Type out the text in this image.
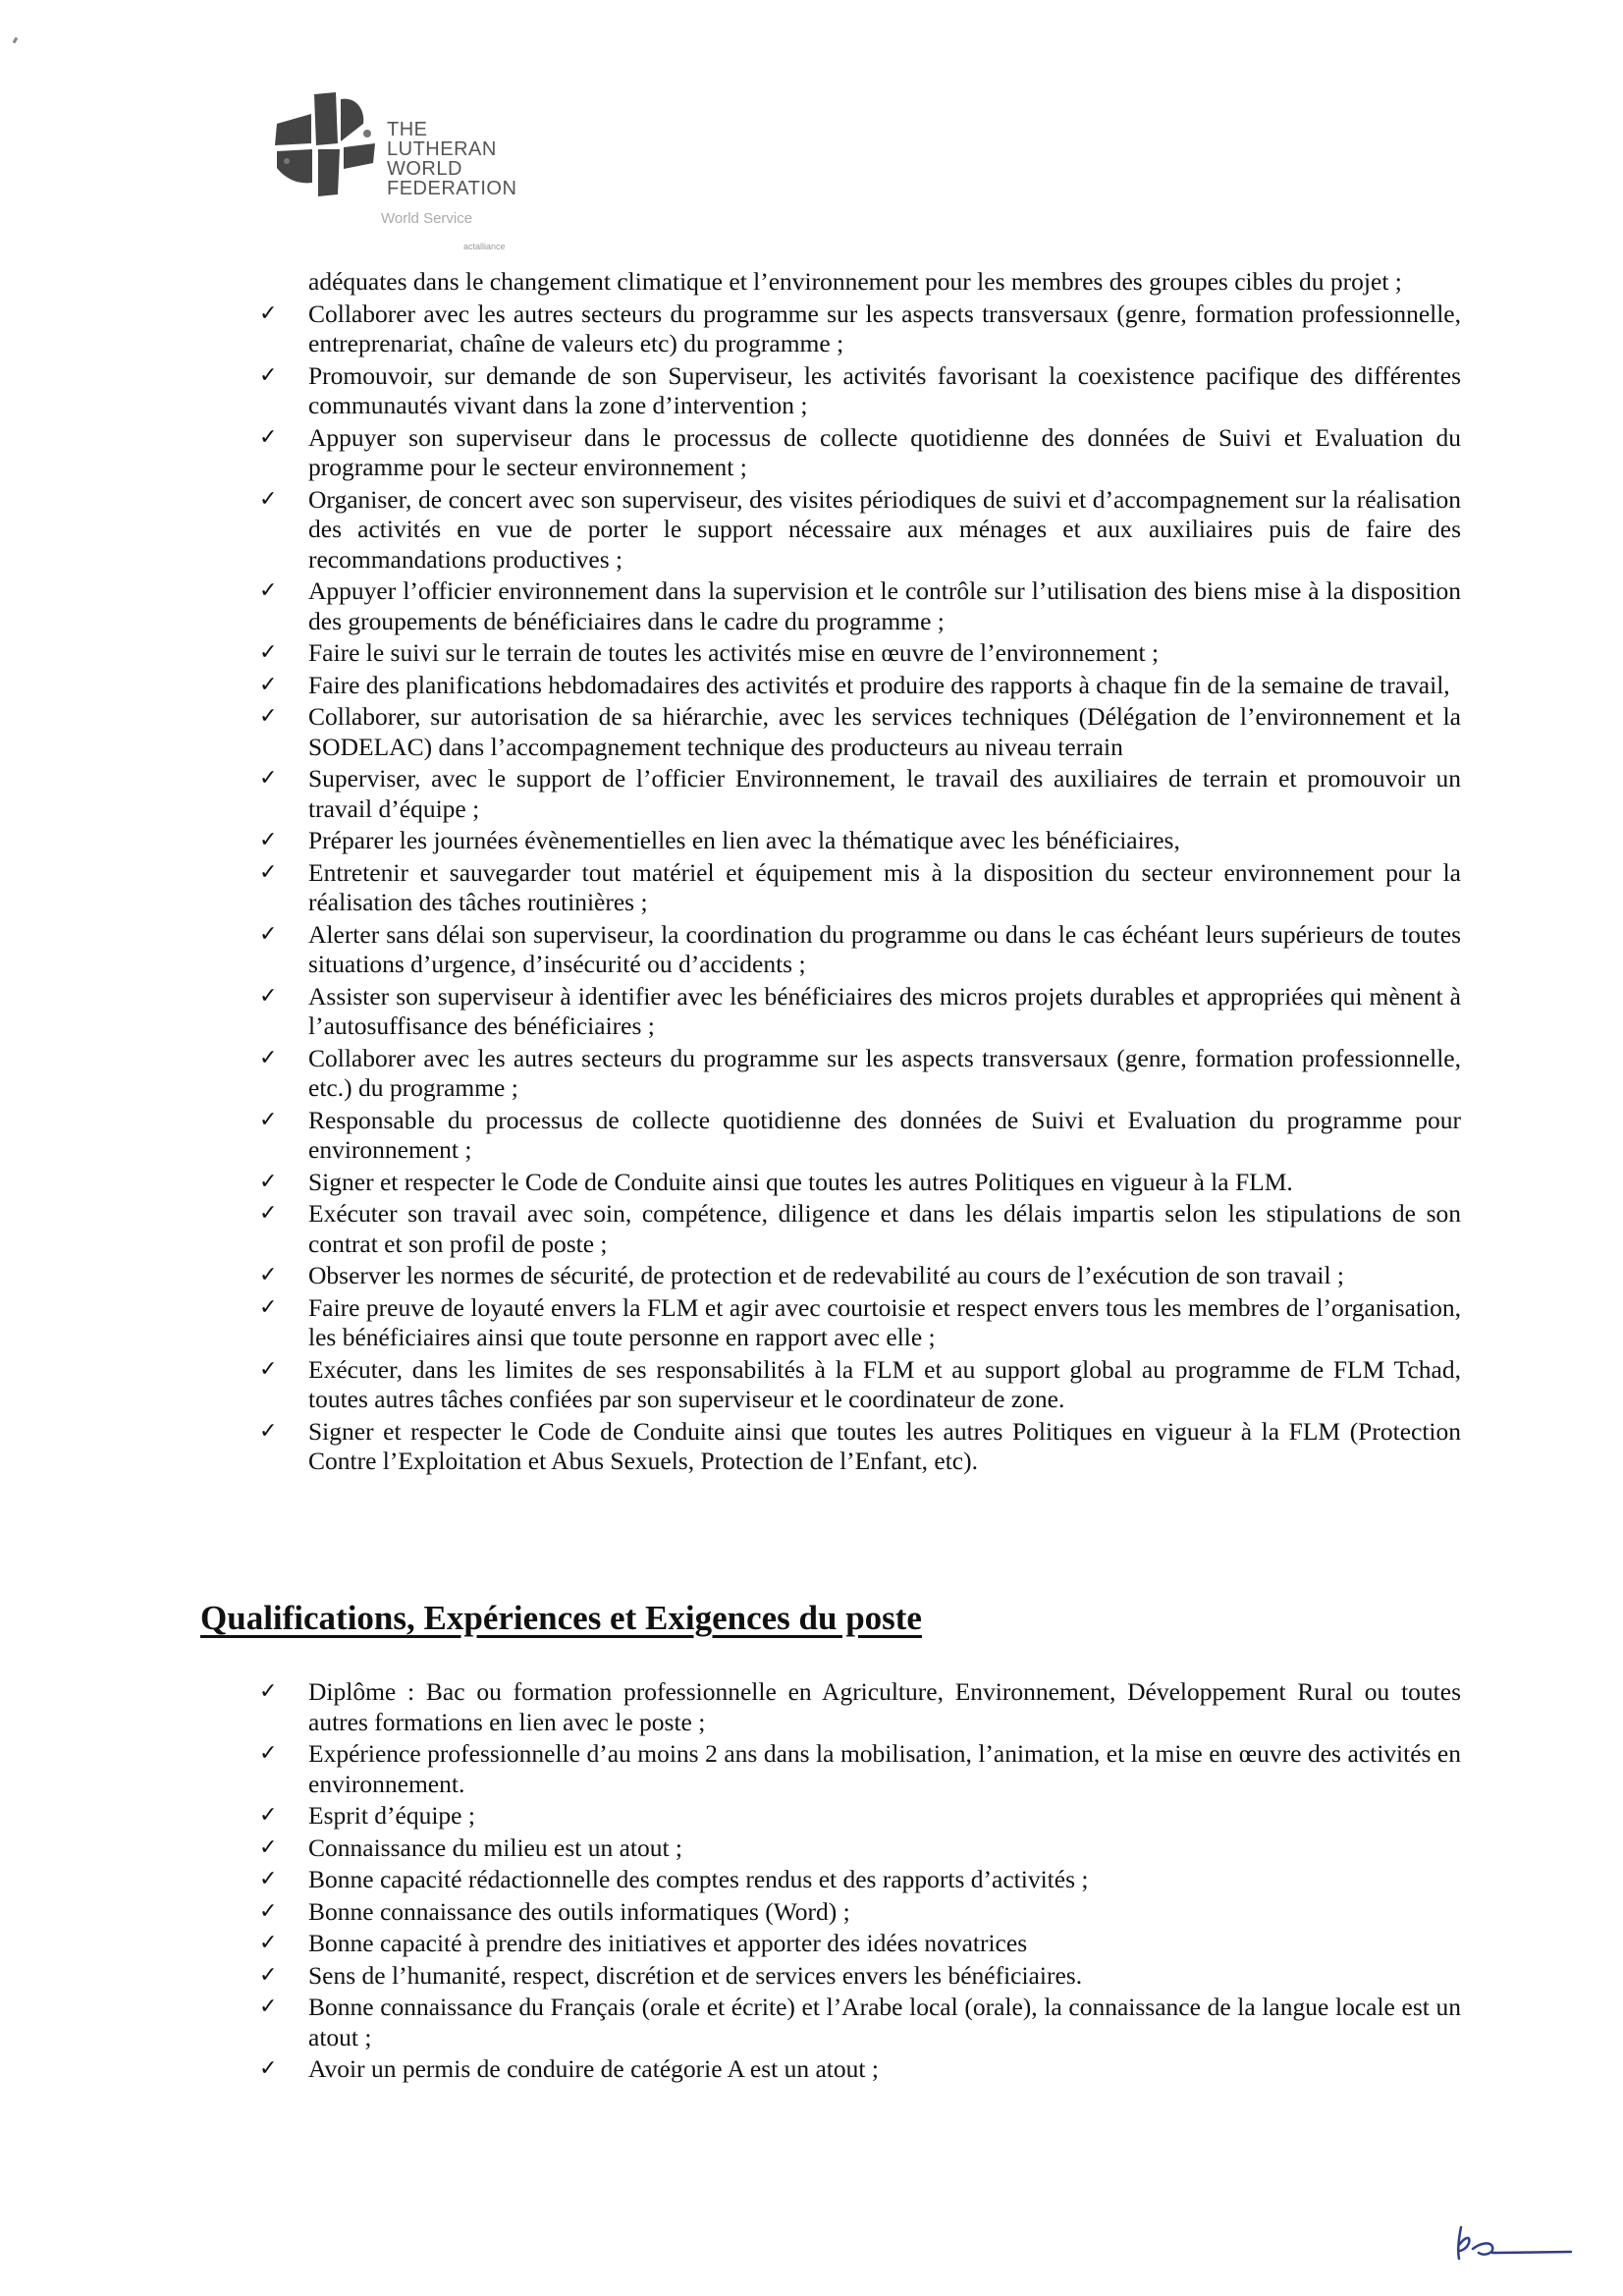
THE
LUTHERAN
WORLD
FEDERATION
World Service
actalliance
adéquates dans le changement climatique et l’environnement pour les membres des groupes cibles du projet ;
✓ Collaborer avec les autres secteurs du programme sur les aspects transversaux (genre, formation professionnelle, entreprenariat, chaîne de valeurs etc) du programme ;
✓ Promouvoir, sur demande de son Superviseur, les activités favorisant la coexistence pacifique des différentes communautés vivant dans la zone d’intervention ;
✓ Appuyer son superviseur dans le processus de collecte quotidienne des données de Suivi et Evaluation du programme pour le secteur environnement ;
✓ Organiser, de concert avec son superviseur, des visites périodiques de suivi et d’accompagnement sur la réalisation des activités en vue de porter le support nécessaire aux ménages et aux auxiliaires puis de faire des recommandations productives ;
✓ Appuyer l’officier environnement dans la supervision et le contrôle sur l’utilisation des biens mise à la disposition des groupements de bénéficiaires dans le cadre du programme ;
✓ Faire le suivi sur le terrain de toutes les activités mise en œuvre de l’environnement ;
✓ Faire des planifications hebdomadaires des activités et produire des rapports à chaque fin de la semaine de travail,
✓ Collaborer, sur autorisation de sa hiérarchie, avec les services techniques (Délégation de l’environnement et la SODELAC) dans l’accompagnement technique des producteurs au niveau terrain
✓ Superviser, avec le support de l’officier Environnement, le travail des auxiliaires de terrain et promouvoir un travail d’équipe ;
✓ Préparer les journées évènementielles en lien avec la thématique avec les bénéficiaires,
✓ Entretenir et sauvegarder tout matériel et équipement mis à la disposition du secteur environnement pour la réalisation des tâches routinières ;
✓ Alerter sans délai son superviseur, la coordination du programme ou dans le cas échéant leurs supérieurs de toutes situations d’urgence, d’insécurité ou d’accidents ;
✓ Assister son superviseur à identifier avec les bénéficiaires des micros projets durables et appropriées qui mènent à l’autosuffisance des bénéficiaires ;
✓ Collaborer avec les autres secteurs du programme sur les aspects transversaux (genre, formation professionnelle, etc.) du programme ;
✓ Responsable du processus de collecte quotidienne des données de Suivi et Evaluation du programme pour environnement ;
✓ Signer et respecter le Code de Conduite ainsi que toutes les autres Politiques en vigueur à la FLM.
✓ Exécuter son travail avec soin, compétence, diligence et dans les délais impartis selon les stipulations de son contrat et son profil de poste ;
✓ Observer les normes de sécurité, de protection et de redevabilité au cours de l’exécution de son travail ;
✓ Faire preuve de loyauté envers la FLM et agir avec courtoisie et respect envers tous les membres de l’organisation, les bénéficiaires ainsi que toute personne en rapport avec elle ;
✓ Exécuter, dans les limites de ses responsabilités à la FLM et au support global au programme de FLM Tchad, toutes autres tâches confiées par son superviseur et le coordinateur de zone.
✓ Signer et respecter le Code de Conduite ainsi que toutes les autres Politiques en vigueur à la FLM (Protection Contre l’Exploitation et Abus Sexuels, Protection de l’Enfant, etc).
Qualifications, Expériences et Exigences du poste
✓ Diplôme : Bac ou formation professionnelle en Agriculture, Environnement, Développement Rural ou toutes autres formations en lien avec le poste ;
✓ Expérience professionnelle d’au moins 2 ans dans la mobilisation, l’animation, et la mise en œuvre des activités en environnement.
✓ Esprit d’équipe ;
✓ Connaissance du milieu est un atout ;
✓ Bonne capacité rédactionnelle des comptes rendus et des rapports d’activités ;
✓ Bonne connaissance des outils informatiques (Word) ;
✓ Bonne capacité à prendre des initiatives et apporter des idées novatrices
✓ Sens de l’humanité, respect, discrétion et de services envers les bénéficiaires.
✓ Bonne connaissance du Français (orale et écrite) et l’Arabe local (orale), la connaissance de la langue locale est un atout ;
✓ Avoir un permis de conduire de catégorie A est un atout ;
